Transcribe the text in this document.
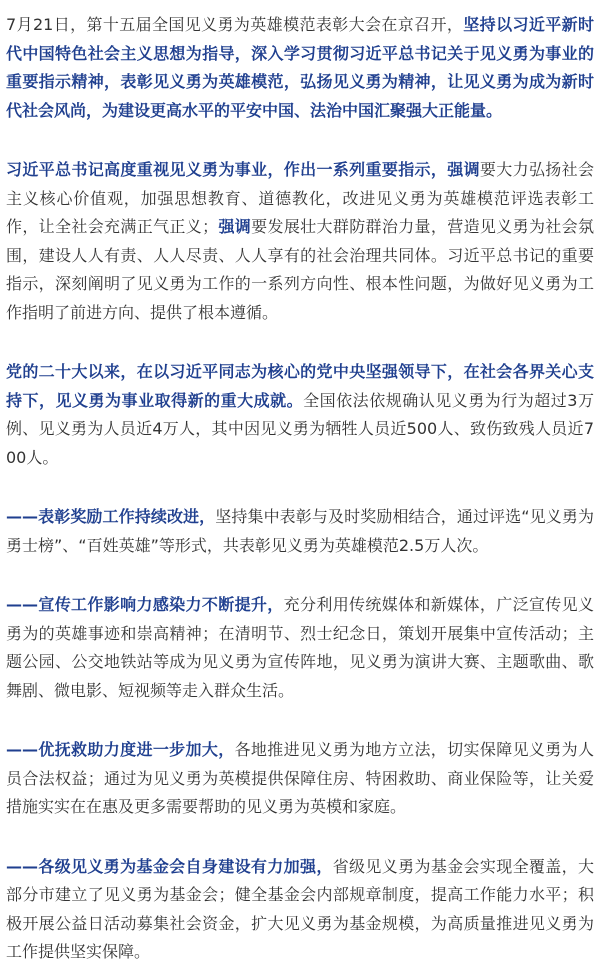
7月21日，第十五届全国见义勇为英雄模范表彰大会在京召开，坚持以习近平新时代中国特色社会主义思想为指导，深入学习贯彻习近平总书记关于见义勇为事业的重要指示精神，表彰见义勇为英雄模范，弘扬见义勇为精神，让见义勇为成为新时代社会风尚，为建设更高水平的平安中国、法治中国汇聚强大正能量。

习近平总书记高度重视见义勇为事业，作出一系列重要指示，强调要大力弘扬社会主义核心价值观，加强思想教育、道德教化，改进见义勇为英雄模范评选表彰工作，让全社会充满正气正义；强调要发展壮大群防群治力量，营造见义勇为社会氛围，建设人人有责、人人尽责、人人享有的社会治理共同体。习近平总书记的重要指示，深刻阐明了见义勇为工作的一系列方向性、根本性问题，为做好见义勇为工作指明了前进方向、提供了根本遵循。

党的二十大以来，在以习近平同志为核心的党中央坚强领导下，在社会各界关心支持下，见义勇为事业取得新的重大成就。全国依法依规确认见义勇为行为超过3万例、见义勇为人员近4万人，其中因见义勇为牺牲人员近500人、致伤致残人员近700人。

——表彰奖励工作持续改进，坚持集中表彰与及时奖励相结合，通过评选“见义勇为勇士榜”、“百姓英雄”等形式，共表彰见义勇为英雄模范2.5万人次。

——宣传工作影响力感染力不断提升，充分利用传统媒体和新媒体，广泛宣传见义勇为的英雄事迹和崇高精神；在清明节、烈士纪念日，策划开展集中宣传活动；主题公园、公交地铁站等成为见义勇为宣传阵地，见义勇为演讲大赛、主题歌曲、歌舞剧、微电影、短视频等走入群众生活。

——优抚救助力度进一步加大，各地推进见义勇为地方立法，切实保障见义勇为人员合法权益；通过为见义勇为英模提供保障住房、特困救助、商业保险等，让关爱措施实实在在惠及更多需要帮助的见义勇为英模和家庭。

——各级见义勇为基金会自身建设有力加强，省级见义勇为基金会实现全覆盖，大部分市建立了见义勇为基金会；健全基金会内部规章制度，提高工作能力水平；积极开展公益日活动募集社会资金，扩大见义勇为基金规模，为高质量推进见义勇为工作提供坚实保障。
